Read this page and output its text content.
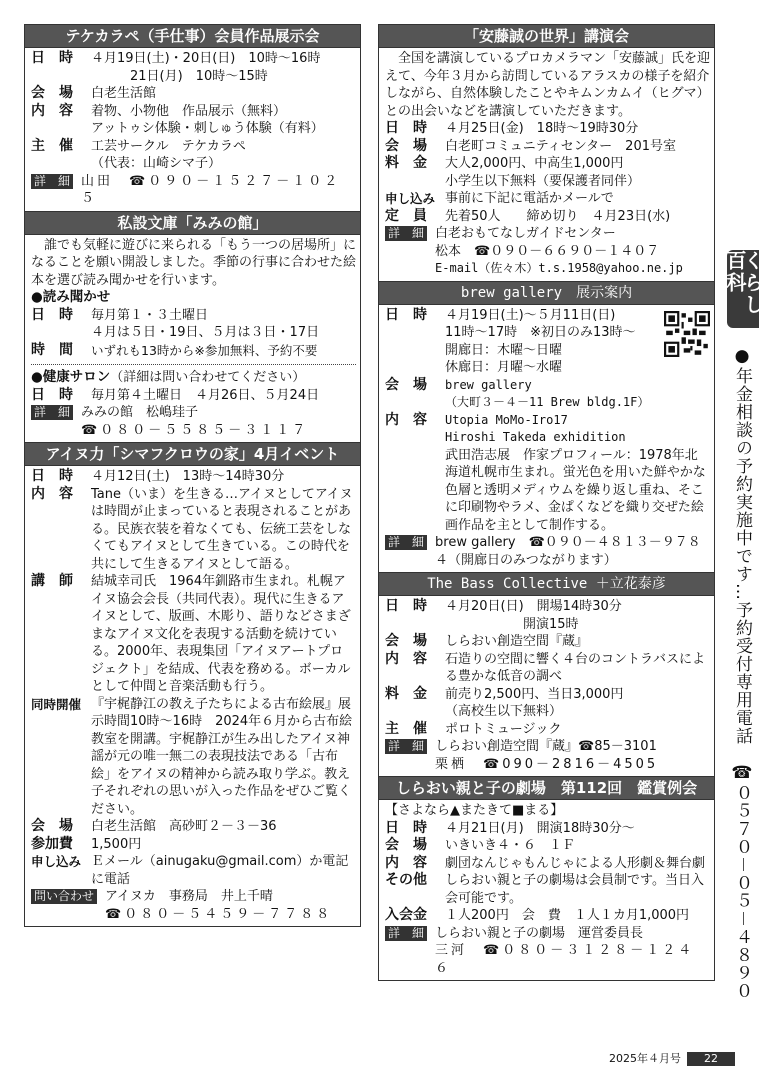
テケカラペ（手仕事）会員作品展示会
日　時	４月19日(土)・20日(日)　10時～16時
　　　21日(月)　10時～15時
会　場	白老生活館
内　容	着物、小物他　作品展示（無料）
アットゥシ体験・刺しゅう体験（有料）
主　催	工芸サークル　テケカラペ
（代表：山崎シマ子）
詳　細 山田　☎０９０－１５２７－１０２５
私設文庫「みみの館」
誰でも気軽に遊びに来られる「もう一つの居場所」になることを願い開設しました。季節の行事に合わせた絵本を選び読み聞かせを行います。
●読み聞かせ
日　時	毎月第１・３土曜日
４月は５日・19日、５月は３日・17日
時　間	いずれも13時から※参加無料、予約不要
●健康サロン（詳細は問い合わせてください）
日　時	毎月第４土曜日　４月26日、５月24日
詳　細 みみの館　松嶋珪子
☎０８０－５５８５－３１１７
アイヌ力「シマフクロウの家」4月イベント
日　時	４月12日(土)　13時～14時30分
内　容	Tane（いま）を生きる…アイヌとしてアイヌは時間が止まっていると表現されることがある。民族衣装を着なくても、伝統工芸をしなくてもアイヌとして生きている。この時代を共にして生きるアイヌとして語る。
講　師	結城幸司氏　1964年釧路市生まれ。札幌アイヌ協会会長（共同代表）。現代に生きるアイヌとして、版画、木彫り、語りなどさまざまなアイヌ文化を表現する活動を続けている。2000年、表現集団「アイヌアートプロジェクト」を結成、代表を務める。ボーカルとして仲間と音楽活動も行う。
同時開催 『宇梶静江の教え子たちによる古布絵展』展示時間10時～16時　2024年６月から古布絵教室を開講。宇梶静江が生み出したアイヌ神謡が元の唯一無二の表現技法である「古布絵」をアイヌの精神から読み取り学ぶ。教え子それぞれの思いが入った作品をぜひご覧ください。
会　場	白老生活館　高砂町２－３－36
参加費	1,500円
申し込み Ｅメール（ainugaku@gmail.com）か電記に電話
問い合わせ アイヌカ　事務局　井上千晴
☎０８０－５４５９－７７８８
「安藤誠の世界」講演会
全国を講演しているプロカメラマン「安藤誠」氏を迎えて、今年３月から訪問しているアラスカの様子を紹介しながら、自然体験したことやキムンカムイ（ヒグマ）との出会いなどを講演していただきます。
日　時	４月25日(金)　18時～19時30分
会　場	白老町コミュニティセンター　201号室
料　金	大人2,000円、中高生1,000円
小学生以下無料（要保護者同伴）
申し込み 事前に下記に電話かメールで
定　員	先着50人　　締め切り　４月23日(水)
詳　細 白老おもてなしガイドセンター
松本　☎０９０－６６９０－１４０７
E-mail（佐々木）t.s.1958@yahoo.ne.jp
brew gallery　展示案内
日　時	４月19日(土)～５月11日(日)
11時～17時　※初日のみ13時～
開廊日：木曜～日曜
休廊日：月曜～水曜
会　場	brew gallery
（大町３－４－11 Brew bldg.1F）
内　容	Utopia MoMo-Iro17
Hiroshi Takeda exhidition
武田浩志展　作家プロフィール：1978年北海道札幌市生まれ。蛍光色を用いた鮮やかな色層と透明メディウムを繰り返し重ね、そこに印刷物やラメ、金ぱくなどを織り交ぜた絵画作品を主として制作する。
詳　細 brew gallery　☎０９０－４８１３－９７８４（開廊日のみつながります）
The Bass Collective ＋立花泰彦
日　時	４月20日(日)　開場14時30分
　　　　　　開演15時
会　場	しらおい創造空間『蔵』
内　容	石造りの空間に響く４台のコントラバスによる豊かな低音の調べ
料　金	前売り2,500円、当日3,000円
（高校生以下無料）
主　催	ポロトミュージック
詳　細 しらおい創造空間『蔵』☎85－3101
栗栖　☎090－2816－4505
しらおい親と子の劇場　第112回　鑑賞例会
【さよなら▲またきて■まる】
日　時	４月21日(月)　開演18時30分～
会　場	いきいき４・６　１Ｆ
内　容	劇団なんじゃもんじゃによる人形劇＆舞台劇
その他	しらおい親と子の劇場は会員制です。当日入会可能です。
入会金	１人200円　会　費　１人１カ月1,000円
詳　細 しらおい親と子の劇場　運営委員長
三河　☎０８０－３１２８－１２４６
くらし百科
●年金相談の予約実施中です…予約受付専用電話　☎０５７０－０５－４８９０
2025年４月号	22
